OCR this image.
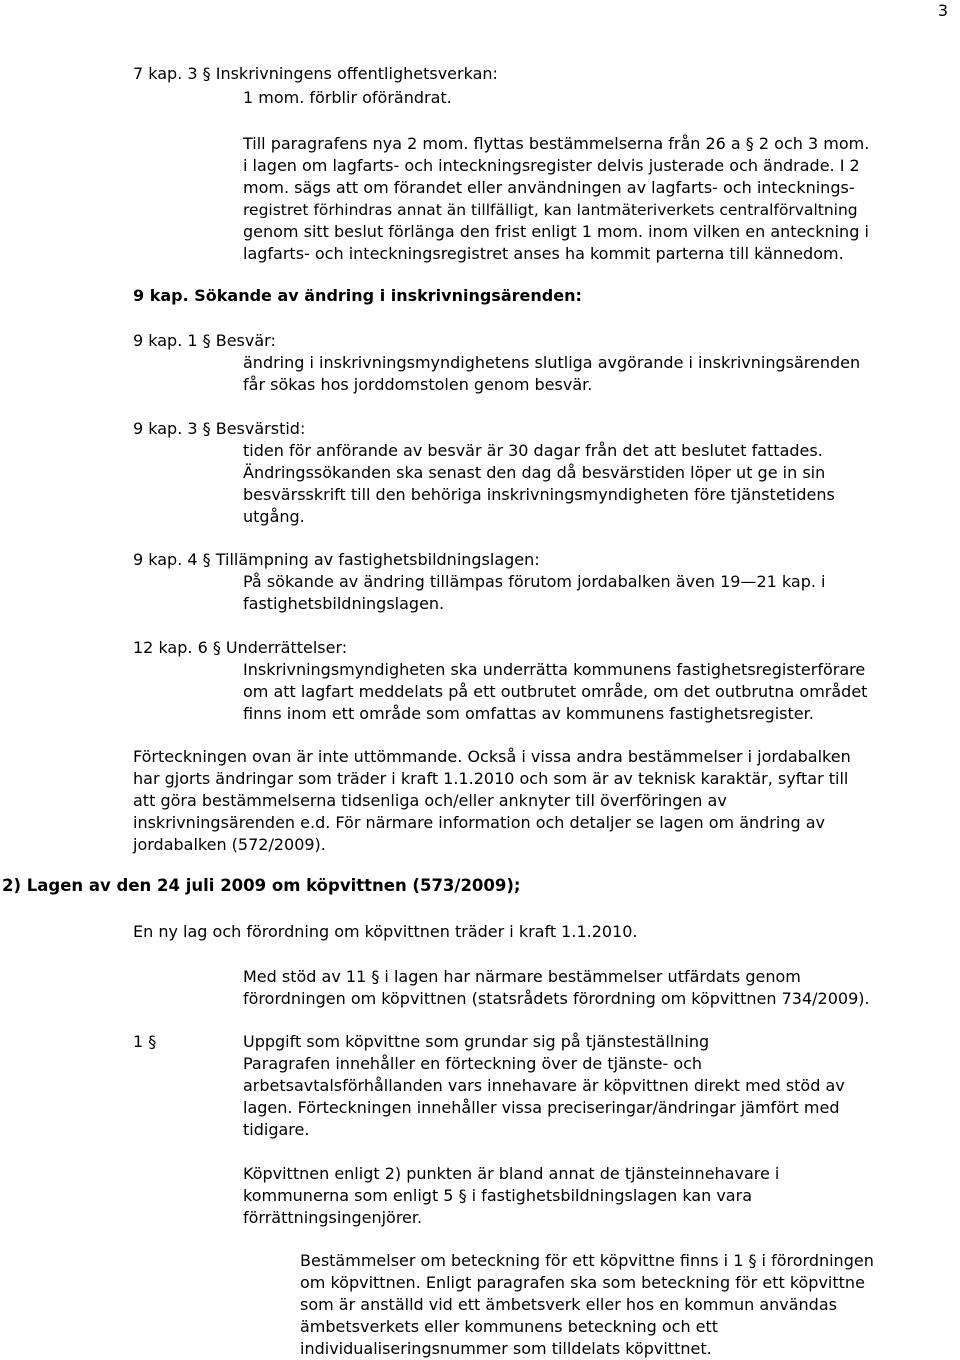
3
7 kap. 3 § Inskrivningens offentlighetsverkan:
1 mom. förblir oförändrat.
Till paragrafens nya 2 mom. flyttas bestämmelserna från 26 a § 2 och 3 mom.
i lagen om lagfarts- och inteckningsregister delvis justerade och ändrade. I 2
mom. sägs att om förandet eller användningen av lagfarts- och intecknings-
registret förhindras annat än tillfälligt, kan lantmäteriverkets centralförvaltning
genom sitt beslut förlänga den frist enligt 1 mom. inom vilken en anteckning i
lagfarts- och inteckningsregistret anses ha kommit parterna till kännedom.
9 kap. Sökande av ändring i inskrivningsärenden:
9 kap. 1 § Besvär:
ändring i inskrivningsmyndighetens slutliga avgörande i inskrivningsärenden
får sökas hos jorddomstolen genom besvär.
9 kap. 3 § Besvärstid:
tiden för anförande av besvär är 30 dagar från det att beslutet fattades.
Ändringssökanden ska senast den dag då besvärstiden löper ut ge in sin
besvärsskrift till den behöriga inskrivningsmyndigheten före tjänstetidens
utgång.
9 kap. 4 § Tillämpning av fastighetsbildningslagen:
På sökande av ändring tillämpas förutom jordabalken även 19—21 kap. i
fastighetsbildningslagen.
12 kap. 6 § Underrättelser:
Inskrivningsmyndigheten ska underrätta kommunens fastighetsregisterförare
om att lagfart meddelats på ett outbrutet område, om det outbrutna området
finns inom ett område som omfattas av kommunens fastighetsregister.
Förteckningen ovan är inte uttömmande. Också i vissa andra bestämmelser i jordabalken
har gjorts ändringar som träder i kraft 1.1.2010 och som är av teknisk karaktär, syftar till
att göra bestämmelserna tidsenliga och/eller anknyter till överföringen av
inskrivningsärenden e.d. För närmare information och detaljer se lagen om ändring av
jordabalken (572/2009).
2) Lagen av den 24 juli 2009 om köpvittnen (573/2009);
En ny lag och förordning om köpvittnen träder i kraft 1.1.2010.
Med stöd av 11 § i lagen har närmare bestämmelser utfärdats genom
förordningen om köpvittnen (statsrådets förordning om köpvittnen 734/2009).
1 §	Uppgift som köpvittne som grundar sig på tjänsteställning
Paragrafen innehåller en förteckning över de tjänste- och
arbetsavtalsförhållanden vars innehavare är köpvittnen direkt med stöd av
lagen. Förteckningen innehåller vissa preciseringar/ändringar jämfört med
tidigare.
Köpvittnen enligt 2) punkten är bland annat de tjänsteinnehavare i
kommunerna som enligt 5 § i fastighetsbildningslagen kan vara
förrättningsingenjörer.
Bestämmelser om beteckning för ett köpvittne finns i 1 § i förordningen
om köpvittnen. Enligt paragrafen ska som beteckning för ett köpvittne
som är anställd vid ett ämbetsverk eller hos en kommun användas
ämbetsverkets eller kommunens beteckning och ett
individualiseringsnummer som tilldelats köpvittnet.
